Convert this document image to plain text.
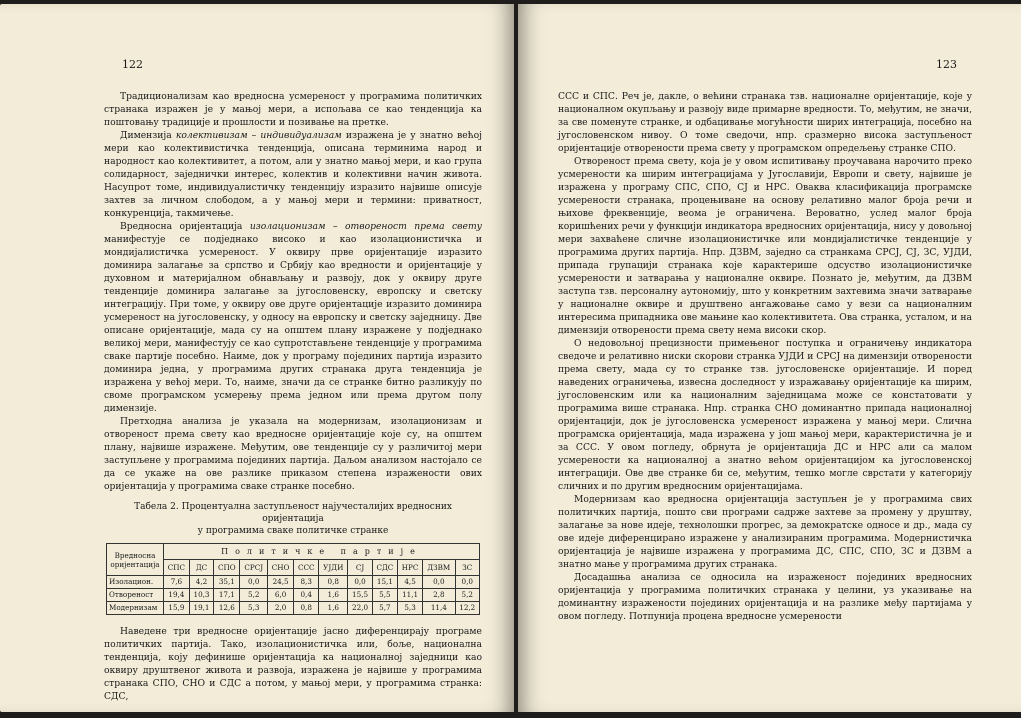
122

Традиционализам као вредносна усмереност у програмима политичких странака изражен је у мањој мери, а испољава се као тенденција ка поштовању традиције и прошлости и позивање на претке.

Димензија колективизам – индивидуализам изражена је у знатно већој мери као колективистичка тенденција, описана терминима народ и народност као колективитет, а потом, али у знатно мањој мери, и као група солидарност, заједнички интерес, колектив и колективни начин живота. Насупрот томе, индивидуалистичку тенденцију изразито највише описује захтев за личном слободом, а у мањој мери и термини: приватност, конкуренција, такмичење.

Вредносна оријентација изолационизам – отвореност према свету манифестује се подједнако високо и као изолационистичка и мондијалистичка усмереност. У оквиру прве оријентације изразито доминира залагање за српство и Србију као вредности и оријентације у духовном и материјалном обнављању и развоју, док у оквиру друге тенденције доминира залагање за југословенску, европску и светску интеграцију. При томе, у оквиру ове друге оријентације изразито доминира усмереност на југословенску, у односу на европску и светску заједницу. Две описане оријентације, мада су на општем плану изражене у подједнако великој мери, манифестују се као супротстављене тенденције у програмима сваке партије посебно. Наиме, док у програму појединих партија изразито доминира једна, у програмима других странака друга тенденција је изражена у већој мери. То, наиме, значи да се странке битно разликују по своме програмском усмерењу према једном или према другом полу димензије.

Претходна анализа је указала на модернизам, изолационизам и отвореност према свету као вредносне оријентације које су, на општем плану, највише изражене. Међутим, ове тенденције су у различитој мери заступљене у програмима појединих партија. Даљом анализом настојало се да се укаже на ове разлике приказом степена изражености ових оријентација у програмима сваке странке посебно.

Табела 2. Процентуална заступљеност најучесталијих вредносних оријентација
у програмима сваке политичке странке
Вредносна оријентација	Политичке партије											
	СПС	ДС	СПО	СРСЈ	СНО	ССС	УЈДИ	СЈ	СДС	НРС	ДЗВМ	ЗС
Изолацион.	7,6	4,2	35,1	0,0	24,5	8,3	0,8	0,0	15,1	4,5	0,0	0,0
Отвореност	19,4	10,3	17,1	5,2	6,0	0,4	1,6	15,5	5,5	11,1	2,8	5,2
Модернизам	15,9	19,1	12,6	5,3	2,0	0,8	1,6	22,0	5,7	5,3	11,4	12,2

Наведене три вредносне оријентације јасно диференцирају програме политичких партија. Тако, изолационистичка или, боље, национална тенденција, коју дефинише оријентација ка националној заједници као оквиру друштвеног живота и развоја, изражена је највише у програмима странака СПО, СНО и СДС а потом, у мањој мери, у програмима странка: СДС,

123

ССС и СПС. Реч је, дакле, о већини странака тзв. националне оријентације, које у националном окупљању и развоју виде примарне вредности. То, међутим, не значи, за све поменуте странке, и одбацивање могућности ширих интеграција, посебно на југословенском нивоу. О томе сведочи, нпр. сразмерно висока заступљеност оријентације отворености према свету у програмском опредељењу странке СПО.

Отвореност према свету, која је у овом испитивању проучавана нарочито преко усмерености ка ширим интеграцијама у Југославији, Европи и свету, највише је изражена у програму СПС, СПО, СЈ и НРС. Оваква класификација програмске усмерености странака, процењиване на основу релативно малог броја речи и њихове фреквенције, веома је ограничена. Вероватно, услед малог броја коришћених речи у функцији индикатора вредносних оријентација, нису у довољној мери захваћене сличне изолационистичке или мондијалистичке тенденције у програмима других партија. Нпр. ДЗВМ, заједно са странкама СРСЈ, СЈ, ЗС, УЈДИ, припада групацији странака које карактерише одсуство изолационистичке усмерености и затварања у националне оквире. Познато је, међутим, да ДЗВМ заступа тзв. персоналну аутономију, што у конкретним захтевима значи затварање у националне оквире и друштвено ангажовање само у вези са националним интересима припадника ове мањине као колективитета. Ова странка, усталом, и на димензији отворености према свету нема високи скор.

О недовољној прецизности примењеног поступка и ограничењу индикатора сведоче и релативно ниски скорови странка УЈДИ и СРСЈ на димензији отворености према свету, мада су то странке тзв. југословенске оријентације. И поред наведених ограничења, извесна доследност у изражавању оријентације ка ширим, југословенским или ка националним заједницама може се констатовати у програмима више странака. Нпр. странка СНО доминантно припада националној оријентацији, док је југословенска усмереност изражена у мањој мери. Слична програмска оријентација, мада изражена у још мањој мери, карактеристична је и за ССС. У овом погледу, обрнута је оријентација ДС и НРС али са малом усмерености ка националној а знатно већом оријентацијом ка југословенској интеграцији. Ове две странке би се, међутим, тешко могле сврстати у категорију сличних и по другим вредносним оријентацијама.

Модернизам као вредносна оријентација заступљен је у програмима свих политичких партија, пошто сви програми садрже захтеве за промену у друштву, залагање за нове идеје, технолошки прогрес, за демократске односе и др., мада су ове идеје диференцирано изражене у анализираним програмима. Модернистичка оријентација је највише изражена у програмима ДС, СПС, СПО, ЗС и ДЗВМ а знатно мање у програмима других странака.

Досадашња анализа се односила на изражeност појединих вредносних оријентација у програмима политичких странака у целини, уз указивање на доминантну изражености појединих оријентација и на разлике међу партијама у овом погледу. Потпунија процена вредносне усмерености
